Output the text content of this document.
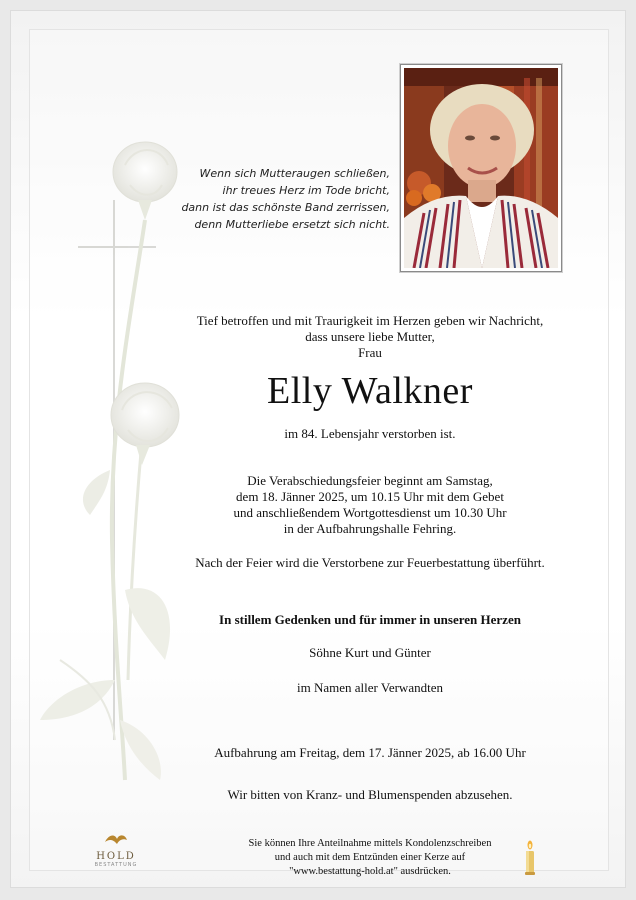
Wenn sich Mutteraugen schließen,
ihr treues Herz im Tode bricht,
dann ist das schönste Band zerrissen,
denn Mutterliebe ersetzt sich nicht.
Tief betroffen und mit Traurigkeit im Herzen geben wir Nachricht,
dass unsere liebe Mutter,
Frau
Elly Walkner
im 84. Lebensjahr verstorben ist.
Die Verabschiedungsfeier beginnt am Samstag,
dem 18. Jänner 2025, um 10.15 Uhr mit dem Gebet
und anschließendem Wortgottesdienst um 10.30 Uhr
in der Aufbahrungshalle Fehring.
Nach der Feier wird die Verstorbene zur Feuerbestattung überführt.
In stillem Gedenken und für immer in unseren Herzen
Söhne Kurt und Günter
im Namen aller Verwandten
Aufbahrung am Freitag, dem 17. Jänner 2025, ab 16.00 Uhr
Wir bitten von Kranz- und Blumenspenden abzusehen.
Sie können Ihre Anteilnahme mittels Kondolenzschreiben
und auch mit dem Entzünden einer Kerze auf
"www.bestattung-hold.at" ausdrücken.
HOLD
BESTATTUNG
